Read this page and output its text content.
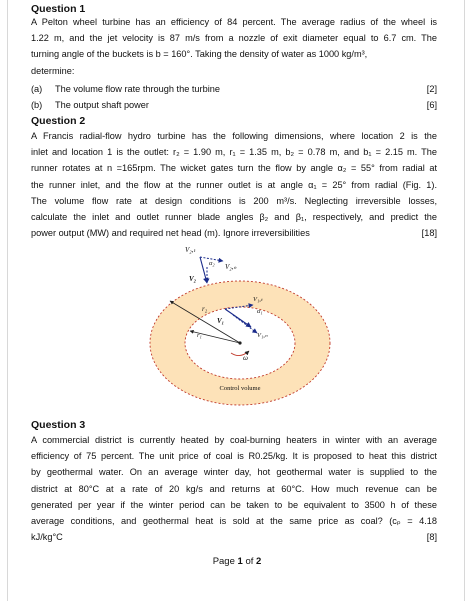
Question 1
A Pelton wheel turbine has an efficiency of 84 percent. The average radius of the wheel is
1.22 m, and the jet velocity is 87 m/s from a nozzle of exit diameter equal to 6.7 cm. The
turning angle of the buckets is b = 160°. Taking the density of water as 1000 kg/m³,
determine:
(a) The volume flow rate through the turbine	[2]
(b) The output shaft power	[6]
Question 2
A Francis radial-flow hydro turbine has the following dimensions, where location 2 is the
inlet and location 1 is the outlet: r₂ = 1.90 m, r₁ = 1.35 m, b₂ = 0.78 m, and b₁ = 2.15 m. The
runner rotates at n =165rpm. The wicket gates turn the flow by angle α₂ = 55° from radial at
the runner inlet, and the flow at the runner outlet is at angle α₁ = 25° from radial (Fig. 1).
The volume flow rate at design conditions is 200 m³/s. Neglecting irreversible losses,
calculate the inlet and outlet runner blade angles β₂ and β₁, respectively, and predict the
power output (MW) and required net head (m). Ignore irreversibilities	[18]
V₂,ₜ
α₂ V₂,ₙ
V₂
V₁,ₜ
α₁
r₂
V₁
V₁,ₙ
r₁
ω
Control volume
Question 3
A commercial district is currently heated by coal-burning heaters in winter with an average
efficiency of 75 percent. The unit price of coal is R0.25/kg. It is proposed to heat this district
by geothermal water. On an average winter day, hot geothermal water is supplied to the
district at 80°C at a rate of 20 kg/s and returns at 60°C. How much revenue can be
generated per year if the winter period can be taken to be equivalent to 3500 h of these
average conditions, and geothermal heat is sold at the same price as coal? (cₚ = 4.18
kJ/kg°C	[8]
Page 1 of 2
